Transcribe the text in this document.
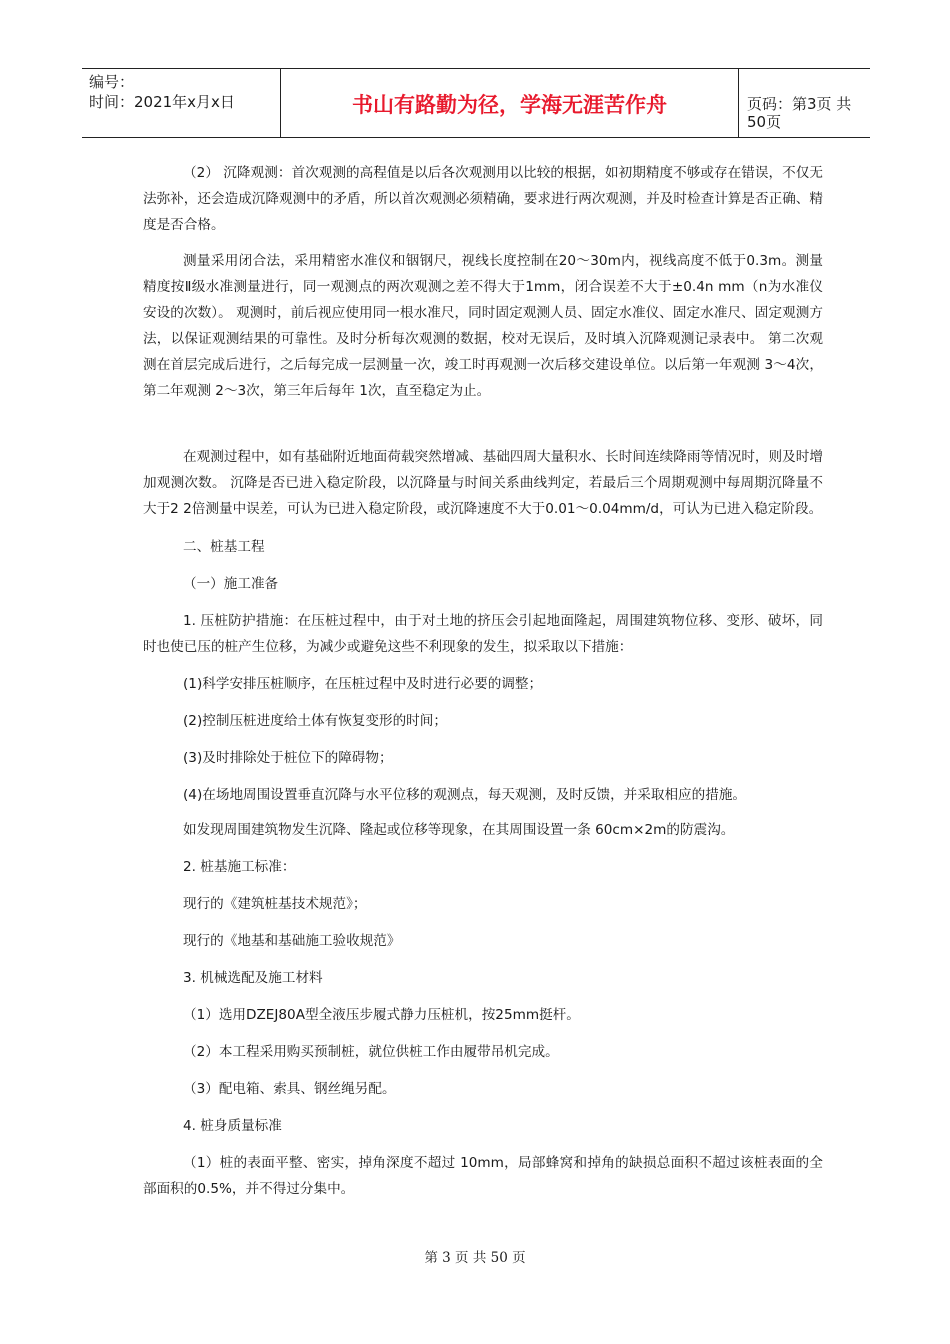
编号：
时间：2021年x月x日	书山有路勤为径，学海无涯苦作舟	页码：第3页 共50页

（2） 沉降观测：首次观测的高程值是以后各次观测用以比较的根据，如初期精度不够或存在错误，不仅无法弥补，还会造成沉降观测中的矛盾，所以首次观测必须精确，要求进行两次观测，并及时检查计算是否正确、精度是否合格。

测量采用闭合法，采用精密水准仪和铟钢尺，视线长度控制在20～30m内，视线高度不低于0.3m。测量精度按Ⅱ级水准测量进行，同一观测点的两次观测之差不得大于1mm，闭合误差不大于±0.4n mm（n为水准仪安设的次数）。 观测时，前后视应使用同一根水准尺，同时固定观测人员、固定水准仪、固定水准尺、固定观测方法，以保证观测结果的可靠性。及时分析每次观测的数据，校对无误后，及时填入沉降观测记录表中。 第二次观测在首层完成后进行，之后每完成一层测量一次，竣工时再观测一次后移交建设单位。以后第一年观测 3～4次，第二年观测 2～3次，第三年后每年 1次，直至稳定为止。

在观测过程中，如有基础附近地面荷载突然增减、基础四周大量积水、长时间连续降雨等情况时，则及时增加观测次数。 沉降是否已进入稳定阶段，以沉降量与时间关系曲线判定，若最后三个周期观测中每周期沉降量不大于2 2倍测量中误差，可认为已进入稳定阶段，或沉降速度不大于0.01～0.04mm/d，可认为已进入稳定阶段。

二、桩基工程

（一）施工准备

1. 压桩防护措施：在压桩过程中，由于对土地的挤压会引起地面隆起，周围建筑物位移、变形、破坏，同时也使已压的桩产生位移，为减少或避免这些不利现象的发生，拟采取以下措施：

(1)科学安排压桩顺序，在压桩过程中及时进行必要的调整；

(2)控制压桩进度给土体有恢复变形的时间；

(3)及时排除处于桩位下的障碍物；

(4)在场地周围设置垂直沉降与水平位移的观测点，每天观测，及时反馈，并采取相应的措施。

如发现周围建筑物发生沉降、隆起或位移等现象，在其周围设置一条 60cm×2m的防震沟。

2. 桩基施工标准：

现行的《建筑桩基技术规范》；

现行的《地基和基础施工验收规范》

3. 机械选配及施工材料

（1）选用DZEJ80A型全液压步履式静力压桩机，按25mm挺杆。

（2）本工程采用购买预制桩，就位供桩工作由履带吊机完成。

（3）配电箱、索具、钢丝绳另配。

4. 桩身质量标准

（1）桩的表面平整、密实，掉角深度不超过 10mm，局部蜂窝和掉角的缺损总面积不超过该桩表面的全部面积的0.5%，并不得过分集中。

第 3 页 共 50 页
